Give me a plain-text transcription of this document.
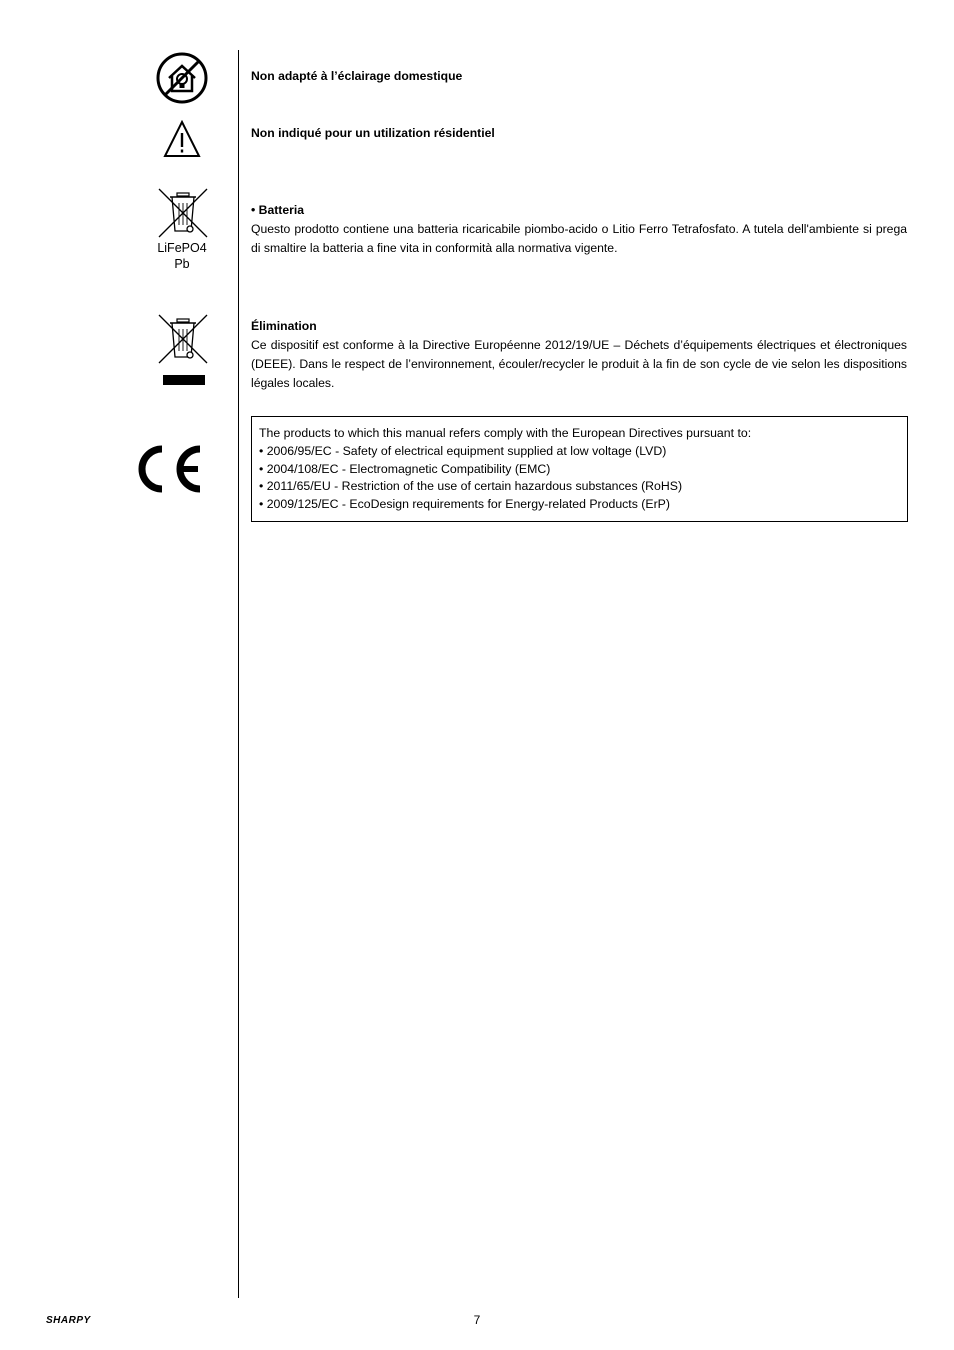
Non adapté à l’éclairage domestique
Non indiqué pour un utilization résidentiel
LiFePO4
Pb
• Batteria
Questo prodotto contiene una batteria ricaricabile piombo-acido o Litio Ferro Tetrafosfato. A tutela dell'ambiente si prega di smaltire la batteria a fine vita in conformità alla normativa vigente.
Élimination
Ce dispositif est conforme à la Directive Européenne 2012/19/UE – Déchets d’équipements électriques et électroniques (DEEE). Dans le respect de l’environnement, écouler/recycler le produit à la fin de son cycle de vie selon les dispositions légales locales.
The products to which this manual refers comply with the European Directives pursuant to:
• 2006/95/EC - Safety of electrical equipment supplied at low voltage (LVD)
• 2004/108/EC - Electromagnetic Compatibility (EMC)
• 2011/65/EU - Restriction of the use of certain hazardous substances (RoHS)
• 2009/125/EC - EcoDesign requirements for Energy-related Products (ErP)
SHARPY	7
